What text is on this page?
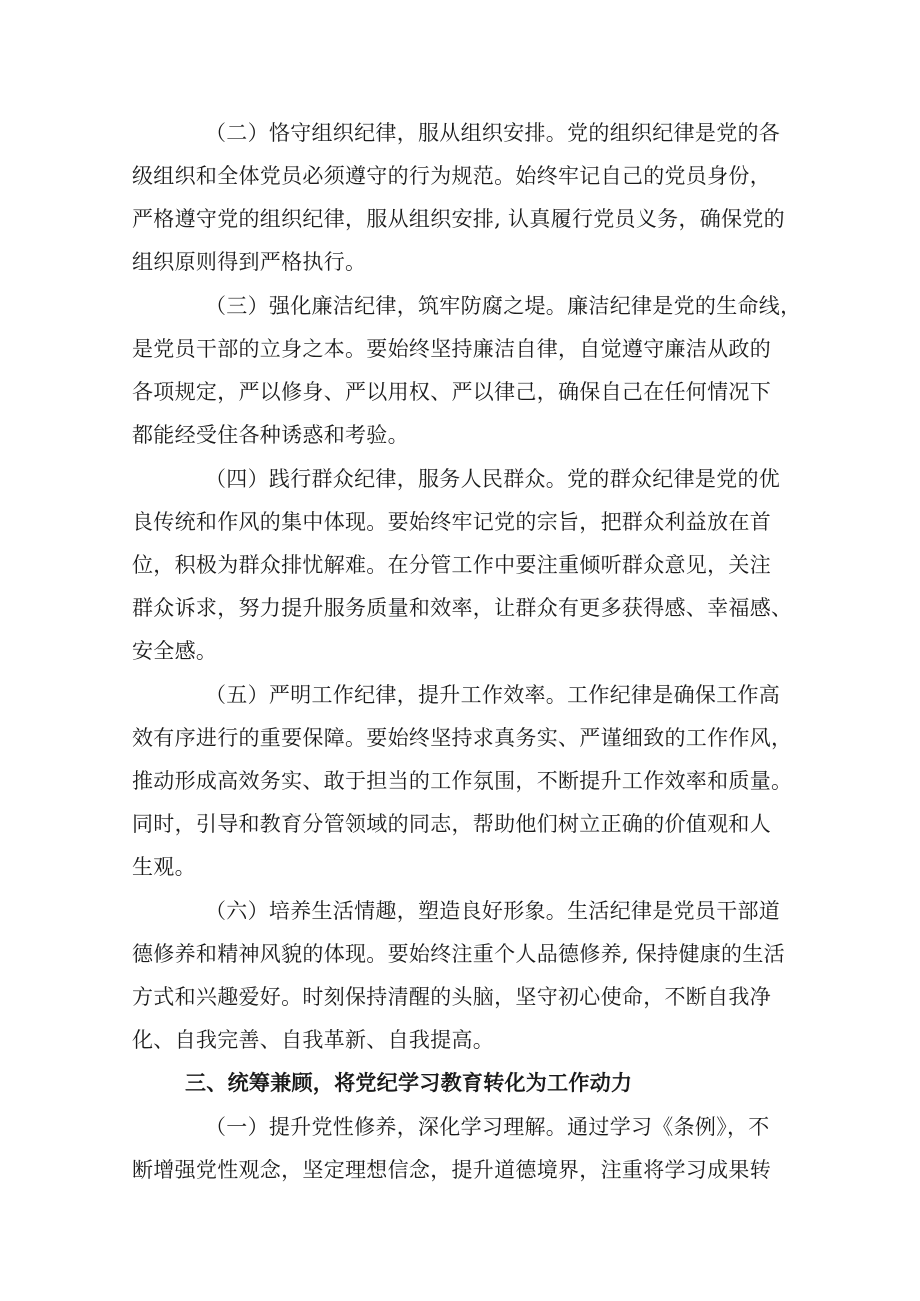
（二）恪守组织纪律，服从组织安排。党的组织纪律是党的各
级组织和全体党员必须遵守的行为规范。始终牢记自己的党员身份，
严格遵守党的组织纪律，服从组织安排, 认真履行党员义务，确保党的
组织原则得到严格执行。
（三）强化廉洁纪律，筑牢防腐之堤。廉洁纪律是党的生命线，
是党员干部的立身之本。要始终坚持廉洁自律，自觉遵守廉洁从政的
各项规定，严以修身、严以用权、严以律己，确保自己在任何情况下
都能经受住各种诱惑和考验。
（四）践行群众纪律，服务人民群众。党的群众纪律是党的优
良传统和作风的集中体现。要始终牢记党的宗旨，把群众利益放在首
位，积极为群众排忧解难。在分管工作中要注重倾听群众意见，关注
群众诉求，努力提升服务质量和效率，让群众有更多获得感、幸福感、
安全感。
（五）严明工作纪律，提升工作效率。工作纪律是确保工作高
效有序进行的重要保障。要始终坚持求真务实、严谨细致的工作作风，
推动形成高效务实、敢于担当的工作氛围，不断提升工作效率和质量。
同时，引导和教育分管领域的同志，帮助他们树立正确的价值观和人
生观。
（六）培养生活情趣，塑造良好形象。生活纪律是党员干部道
德修养和精神风貌的体现。要始终注重个人品德修养, 保持健康的生活
方式和兴趣爱好。时刻保持清醒的头脑，坚守初心使命，不断自我净
化、自我完善、自我革新、自我提高。
三、统筹兼顾，将党纪学习教育转化为工作动力
（一）提升党性修养，深化学习理解。通过学习《条例》，不
断增强党性观念，坚定理想信念，提升道德境界，注重将学习成果转
